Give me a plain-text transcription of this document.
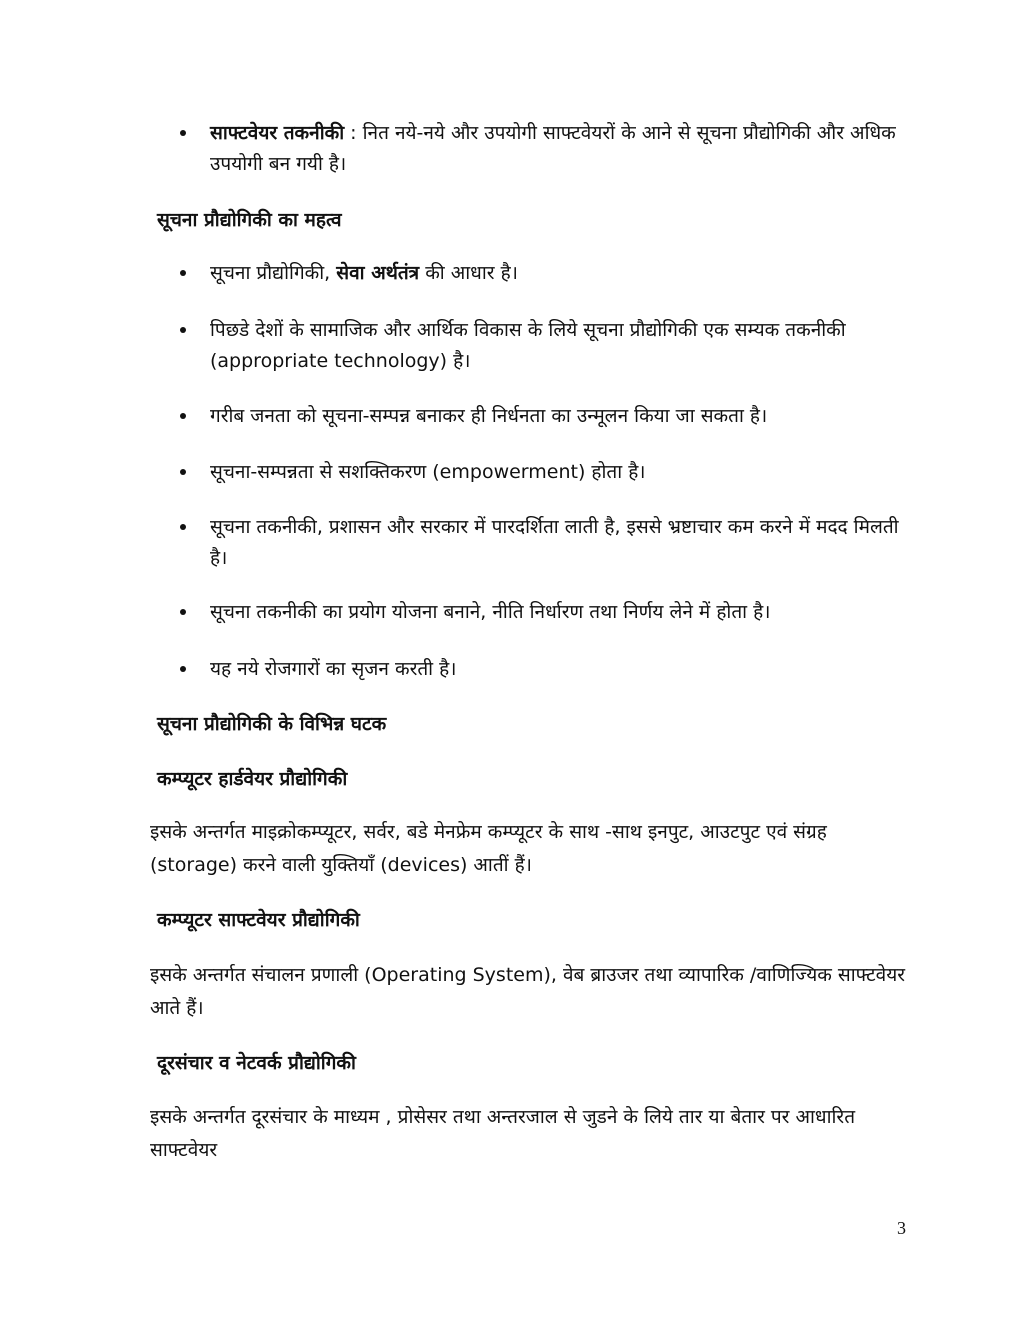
साफ्टवेयर तकनीकी : नित नये-नये और उपयोगी साफ्टवेयरों के आने से सूचना प्रौद्योगिकी और अधिक उपयोगी बन गयी है।
सूचना प्रौद्योगिकी का महत्व
सूचना प्रौद्योगिकी, सेवा अर्थतंत्र की आधार है।
पिछडे देशों के सामाजिक और आर्थिक विकास के लिये सूचना प्रौद्योगिकी एक सम्यक तकनीकी (appropriate technology) है।
गरीब जनता को सूचना-सम्पन्न बनाकर ही निर्धनता का उन्मूलन किया जा सकता है।
सूचना-सम्पन्नता से सशक्तिकरण (empowerment) होता है।
सूचना तकनीकी, प्रशासन और सरकार में पारदर्शिता लाती है, इससे भ्रष्टाचार कम करने में मदद मिलती है।
सूचना तकनीकी का प्रयोग योजना बनाने, नीति निर्धारण तथा निर्णय लेने में होता है।
यह नये रोजगारों का सृजन करती है।
सूचना प्रौद्योगिकी के विभिन्न घटक
कम्प्यूटर हार्डवेयर प्रौद्योगिकी
इसके अन्तर्गत माइक्रोकम्प्यूटर, सर्वर, बडे मेनफ्रेम कम्प्यूटर के साथ -साथ इनपुट, आउटपुट एवं संग्रह (storage) करने वाली युक्तियाँ (devices) आतीं हैं।
कम्प्यूटर साफ्टवेयर प्रौद्योगिकी
इसके अन्तर्गत संचालन प्रणाली (Operating System), वेब ब्राउजर तथा व्यापारिक /वाणिज्यिक साफ्टवेयर आते हैं।
दूरसंचार व नेटवर्क प्रौद्योगिकी
इसके अन्तर्गत दूरसंचार के माध्यम , प्रोसेसर तथा अन्तरजाल से जुडने के लिये तार या बेतार पर आधारित साफ्टवेयर
3
